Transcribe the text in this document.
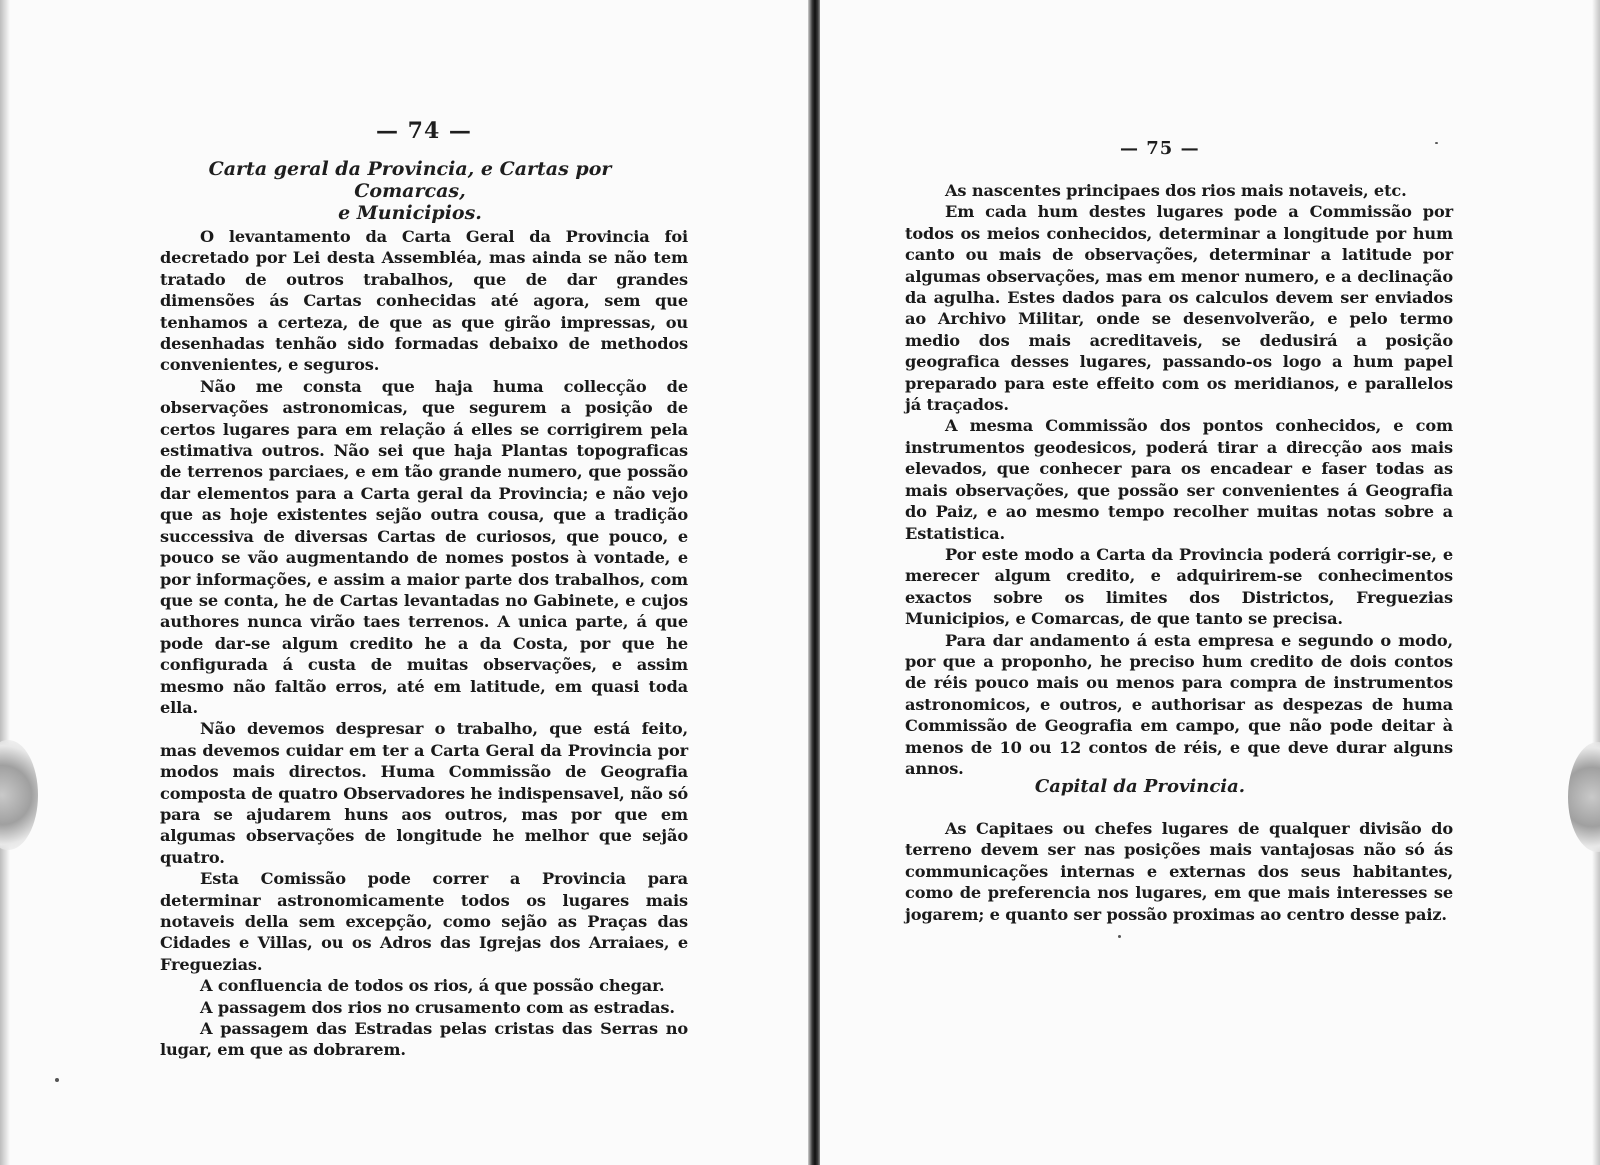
— 74 —
Carta geral da Provincia, e Cartas por Comarcas,
e Municipios.

O levantamento da Carta Geral da Provincia foi decretado por Lei desta Assembléa, mas ainda se não tem tratado de outros trabalhos, que de dar grandes dimensões ás Cartas conhecidas até agora, sem que tenhamos a certeza, de que as que girão impressas, ou desenhadas tenhão sido formadas debaixo de methodos convenientes, e seguros.

Não me consta que haja huma collecção de observações astronomicas, que segurem a posição de certos lugares para em relação á elles se corrigirem pela estimativa outros. Não sei que haja Plantas topograficas de terrenos parciaes, e em tão grande numero, que possão dar elementos para a Carta geral da Provincia; e não vejo que as hoje existentes sejão outra cousa, que a tradição successiva de diversas Cartas de curiosos, que pouco, e pouco se vão augmentando de nomes postos à vontade, e por informações, e assim a maior parte dos trabalhos, com que se conta, he de Cartas levantadas no Gabinete, e cujos authores nunca virão taes terrenos. A unica parte, á que pode dar-se algum credito he a da Costa, por que he configurada á custa de muitas observações, e assim mesmo não faltão erros, até em latitude, em quasi toda ella.

Não devemos despresar o trabalho, que está feito, mas devemos cuidar em ter a Carta Geral da Provincia por modos mais directos. Huma Commissão de Geografia composta de quatro Observadores he indispensavel, não só para se ajudarem huns aos outros, mas por que em algumas observações de longitude he melhor que sejão quatro.

Esta Comissão pode correr a Provincia para determinar astronomicamente todos os lugares mais notaveis della sem excepção, como sejão as Praças das Cidades e Villas, ou os Adros das Igrejas dos Arraiaes, e Freguezias.

A confluencia de todos os rios, á que possão chegar.

A passagem dos rios no crusamento com as estradas.

A passagem das Estradas pelas cristas das Serras no lugar, em que as dobrarem.

— 75 —

As nascentes principaes dos rios mais notaveis, etc.

Em cada hum destes lugares pode a Commissão por todos os meios conhecidos, determinar a longitude por hum canto ou mais de observações, determinar a latitude por algumas observações, mas em menor numero, e a declinação da agulha. Estes dados para os calculos devem ser enviados ao Archivo Militar, onde se desenvolverão, e pelo termo medio dos mais acreditaveis, se dedusirá a posição geografica desses lugares, passando-os logo a hum papel preparado para este effeito com os meridianos, e parallelos já traçados.

A mesma Commissão dos pontos conhecidos, e com instrumentos geodesicos, poderá tirar a direcção aos mais elevados, que conhecer para os encadear e faser todas as mais observações, que possão ser convenientes á Geografia do Paiz, e ao mesmo tempo recolher muitas notas sobre a Estatistica.

Por este modo a Carta da Provincia poderá corrigir-se, e merecer algum credito, e adquirirem-se conhecimentos exactos sobre os limites dos Districtos, Freguezias Municipios, e Comarcas, de que tanto se precisa.

Para dar andamento á esta empresa e segundo o modo, por que a proponho, he preciso hum credito de dois contos de réis pouco mais ou menos para compra de instrumentos astronomicos, e outros, e authorisar as despezas de huma Commissão de Geografia em campo, que não pode deitar à menos de 10 ou 12 contos de réis, e que deve durar alguns annos.

Capital da Provincia.

As Capitaes ou chefes lugares de qualquer divisão do terreno devem ser nas posições mais vantajosas não só ás communicações internas e externas dos seus habitantes, como de preferencia nos lugares, em que mais interesses se jogarem; e quanto ser possão proximas ao centro desse paiz.
